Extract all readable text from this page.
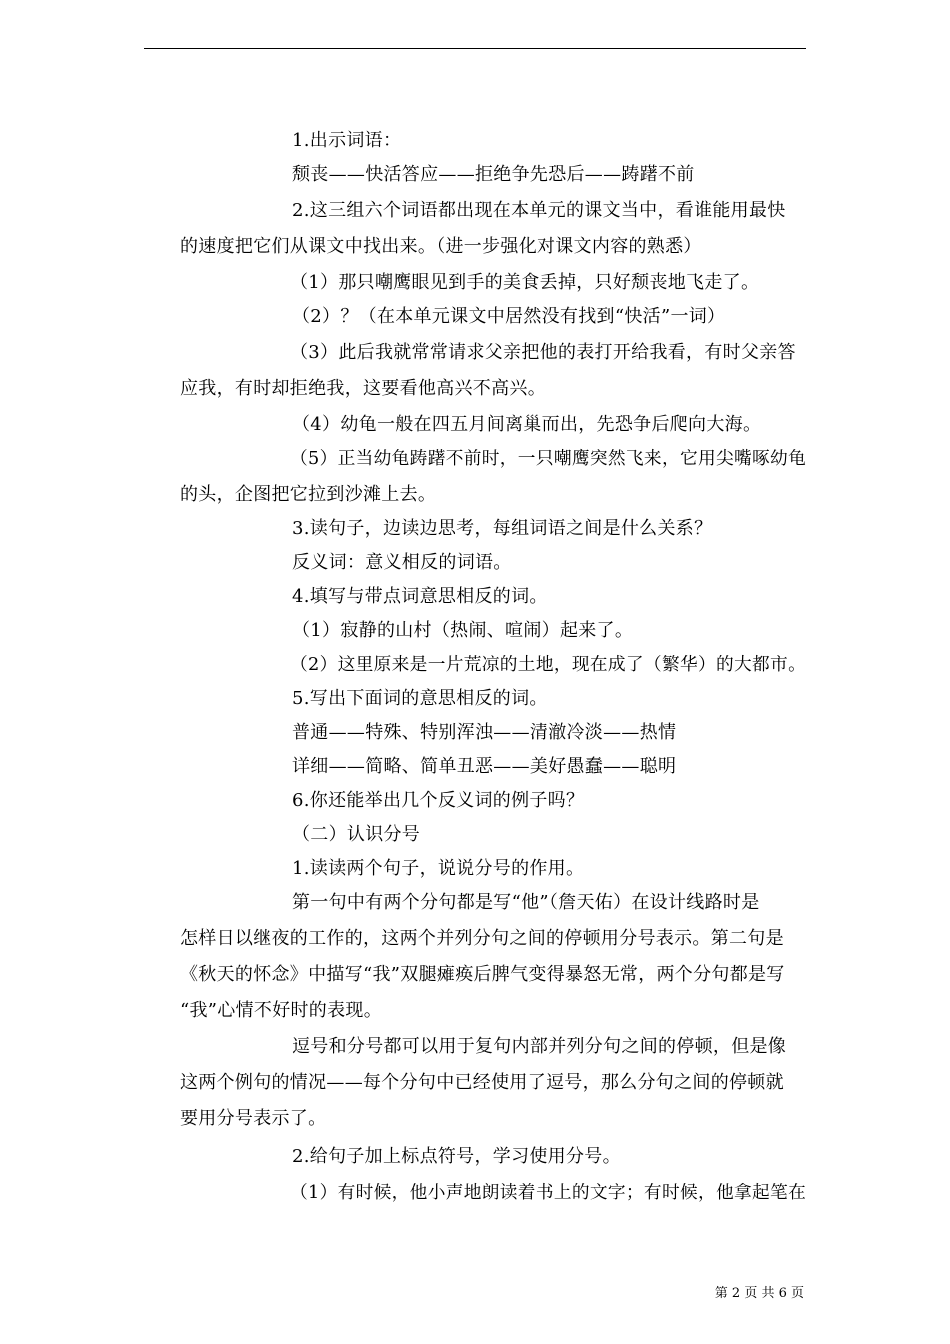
1.出示词语：
颓丧——快活答应——拒绝争先恐后——踌躇不前
2.这三组六个词语都出现在本单元的课文当中，看谁能用最快
的速度把它们从课文中找出来。（进一步强化对课文内容的熟悉）
（1）那只嘲鹰眼见到手的美食丢掉，只好颓丧地飞走了。
（2）？（在本单元课文中居然没有找到“快活”一词）
（3）此后我就常常请求父亲把他的表打开给我看，有时父亲答
应我，有时却拒绝我，这要看他高兴不高兴。
（4）幼龟一般在四五月间离巢而出，先恐争后爬向大海。
（5）正当幼龟踌躇不前时，一只嘲鹰突然飞来，它用尖嘴啄幼龟
的头，企图把它拉到沙滩上去。
3.读句子，边读边思考，每组词语之间是什么关系？
反义词：意义相反的词语。
4.填写与带点词意思相反的词。
（1）寂静的山村（热闹、喧闹）起来了。
（2）这里原来是一片荒凉的土地，现在成了（繁华）的大都市。
5.写出下面词的意思相反的词。
普通——特殊、特别浑浊——清澈冷淡——热情
详细——简略、简单丑恶——美好愚蠢——聪明
6.你还能举出几个反义词的例子吗？
（二）认识分号
1.读读两个句子，说说分号的作用。
第一句中有两个分句都是写“他”（詹天佑）在设计线路时是
怎样日以继夜的工作的，这两个并列分句之间的停顿用分号表示。第二句是
《秋天的怀念》中描写“我”双腿瘫痪后脾气变得暴怒无常，两个分句都是写
“我”心情不好时的表现。
逗号和分号都可以用于复句内部并列分句之间的停顿，但是像
这两个例句的情况——每个分句中已经使用了逗号，那么分句之间的停顿就
要用分号表示了。
2.给句子加上标点符号，学习使用分号。
（1）有时候，他小声地朗读着书上的文字；有时候，他拿起笔在
第 2 页 共 6 页
